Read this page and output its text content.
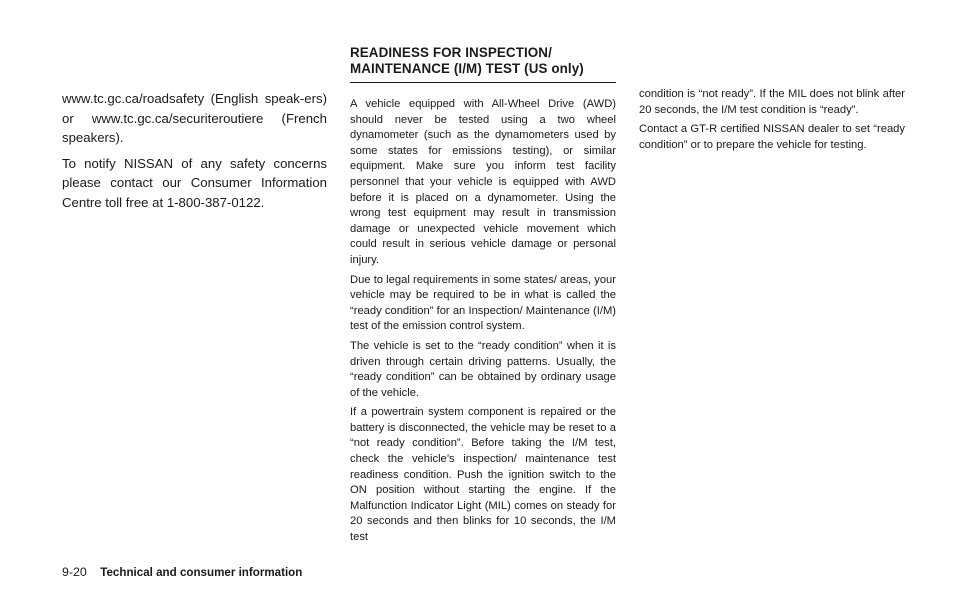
www.tc.gc.ca/roadsafety (English speak-ers) or www.tc.gc.ca/securiteroutiere (French speakers).

To notify NISSAN of any safety concerns please contact our Consumer Information Centre toll free at 1-800-387-0122.

READINESS FOR INSPECTION/
MAINTENANCE (I/M) TEST (US only)

A vehicle equipped with All-Wheel Drive (AWD) should never be tested using a two wheel dynamometer (such as the dynamometers used by some states for emissions testing), or similar equipment. Make sure you inform test facility personnel that your vehicle is equipped with AWD before it is placed on a dynamometer. Using the wrong test equipment may result in transmission damage or unexpected vehicle movement which could result in serious vehicle damage or personal injury.

Due to legal requirements in some states/ areas, your vehicle may be required to be in what is called the “ready condition” for an Inspection/ Maintenance (I/M) test of the emission control system.

The vehicle is set to the “ready condition” when it is driven through certain driving patterns. Usually, the “ready condition” can be obtained by ordinary usage of the vehicle.

If a powertrain system component is repaired or the battery is disconnected, the vehicle may be reset to a “not ready condition”. Before taking the I/M test, check the vehicle’s inspection/ maintenance test readiness condition. Push the ignition switch to the ON position without starting the engine. If the Malfunction Indicator Light (MIL) comes on steady for 20 seconds and then blinks for 10 seconds, the I/M test

condition is “not ready”. If the MIL does not blink after 20 seconds, the I/M test condition is “ready”.

Contact a GT-R certified NISSAN dealer to set “ready condition” or to prepare the vehicle for testing.

9-20 Technical and consumer information
